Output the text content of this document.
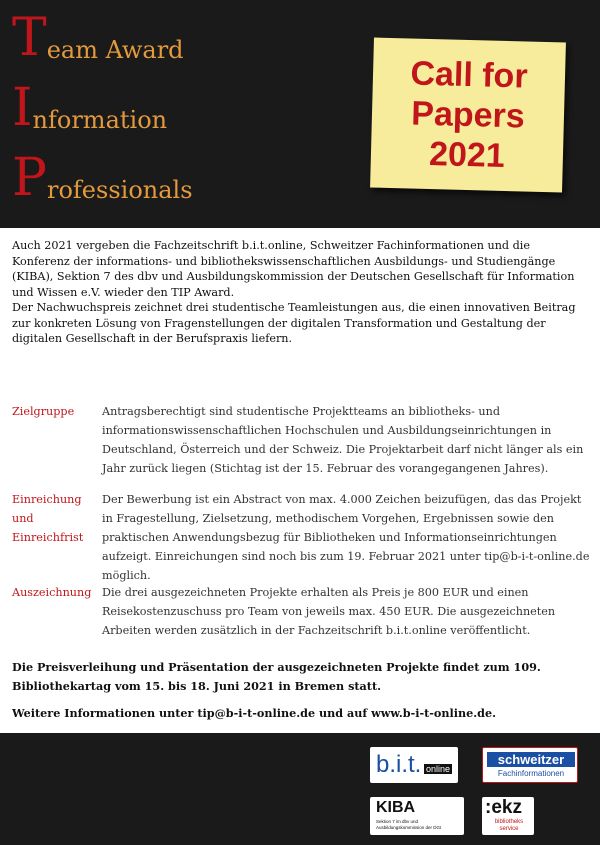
Team Award
Information
Professionals
Call for
Papers
2021

Auch 2021 vergeben die Fachzeitschrift b.i.t.online, Schweitzer Fachinformationen und die Konferenz der informations- und bibliothekswissenschaftlichen Ausbildungs- und Studiengänge (KIBA), Sektion 7 des dbv und Ausbildungskommission der Deutschen Gesellschaft für Information und Wissen e.V. wieder den TIP Award.

Der Nachwuchspreis zeichnet drei studentische Teamleistungen aus, die einen innovativen Beitrag zur konkreten Lösung von Fragenstellungen der digitalen Transformation und Gestaltung der digitalen Gesellschaft in der Berufspraxis liefern.

Zielgruppe	Antragsberechtigt sind studentische Projektteams an bibliotheks- und informationswissenschaftlichen Hochschulen und Ausbildungseinrichtungen in Deutschland, Österreich und der Schweiz. Die Projektarbeit darf nicht länger als ein Jahr zurück liegen (Stichtag ist der 15. Februar des vorangegangenen Jahres).
Einreichung und Einreichfrist
Der Bewerbung ist ein Abstract von max. 4.000 Zeichen beizufügen, das das Projekt in Fragestellung, Zielsetzung, methodischem Vorgehen, Ergebnissen sowie den praktischen Anwendungsbezug für Bibliotheken und Informationseinrichtungen aufzeigt. Einreichungen sind noch bis zum 19. Februar 2021 unter tip@b-i-t-online.de möglich.
Auszeichnung Die drei ausgezeichneten Projekte erhalten als Preis je 800 EUR und einen Reisekostenzuschuss pro Team von jeweils max. 450 EUR. Die ausgezeichneten Arbeiten werden zusätzlich in der Fachzeitschrift b.i.t.online veröffentlicht.

Die Preisverleihung und Präsentation der ausgezeichneten Projekte findet zum 109. Bibliothekartag vom 15. bis 18. Juni 2021 in Bremen statt.

Weitere Informationen unter tip@b-i-t-online.de und auf www.b-i-t-online.de.

b.i.t. online
schweitzer
Fachinformationen
KIBA
Sektion 7 im dbv und Ausbildungskommission der DGI
:ekz
bibliotheks service
